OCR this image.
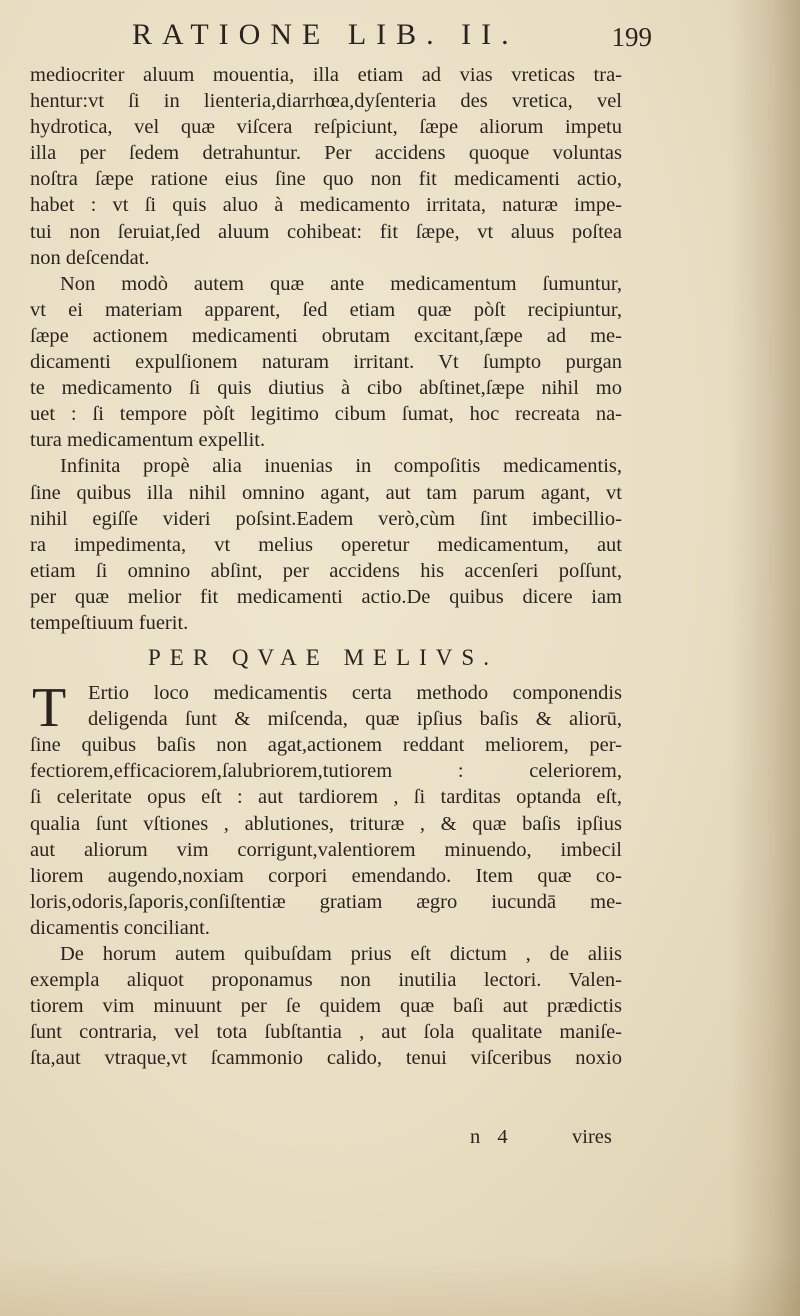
RATIONE LIB. II.	199
mediocriter aluum mouentia, illa etiam ad vias vreticas tra-
hentur:vt ſi in lienteria,diarrhœa,dyſenteria des vretica, vel
hydrotica, vel quæ viſcera reſpiciunt, ſæpe aliorum impetu
illa per ſedem detrahuntur. Per accidens quoque voluntas
noſtra ſæpe ratione eius ſine quo non fit medicamenti actio,
habet : vt ſi quis aluo à medicamento irritata, naturæ impe-
tui non ſeruiat,ſed aluum cohibeat: fit ſæpe, vt aluus poſtea
non deſcendat.
Non modò autem quæ ante medicamentum ſumuntur,
vt ei materiam apparent, ſed etiam quæ pòſt recipiuntur,
ſæpe actionem medicamenti obrutam excitant,ſæpe ad me-
dicamenti expulſionem naturam irritant. Vt ſumpto purgan
te medicamento ſi quis diutius à cibo abſtinet,ſæpe nihil mo
uet : ſi tempore pòſt legitimo cibum ſumat, hoc recreata na-
tura medicamentum expellit.
Infinita propè alia inuenias in compoſitis medicamentis,
ſine quibus illa nihil omnino agant, aut tam parum agant, vt
nihil egiſſe videri poſsint.Eadem verò,cùm ſint imbecillio-
ra impedimenta, vt melius operetur medicamentum, aut
etiam ſi omnino abſint, per accidens his accenſeri poſſunt,
per quæ melior fit medicamenti actio.De quibus dicere iam
tempeſtiuum fuerit.
PER QVAE MELIVS.
T	Ertio loco medicamentis certa methodo componendis
deligenda ſunt & miſcenda, quæ ipſius baſis & aliorū,
ſine quibus baſis non agat,actionem reddant meliorem, per-
fectiorem,efficaciorem,ſalubriorem,tutiorem : celeriorem,
ſi celeritate opus eſt : aut tardiorem , ſi tarditas optanda eſt,
qualia ſunt vſtiones , ablutiones, trituræ , & quæ baſis ipſius
aut aliorum vim corrigunt,valentiorem minuendo, imbecil
liorem augendo,noxiam corpori emendando. Item quæ co-
loris,odoris,ſaporis,conſiſtentiæ gratiam ægro iucundā me-
dicamentis conciliant.
De horum autem quibuſdam prius eſt dictum , de aliis
exempla aliquot proponamus non inutilia lectori. Valen-
tiorem vim minuunt per ſe quidem quæ baſi aut prædictis
ſunt contraria, vel tota ſubſtantia , aut ſola qualitate maniſe-
ſta,aut vtraque,vt ſcammonio calido, tenui viſceribus noxio
n 4	vires
